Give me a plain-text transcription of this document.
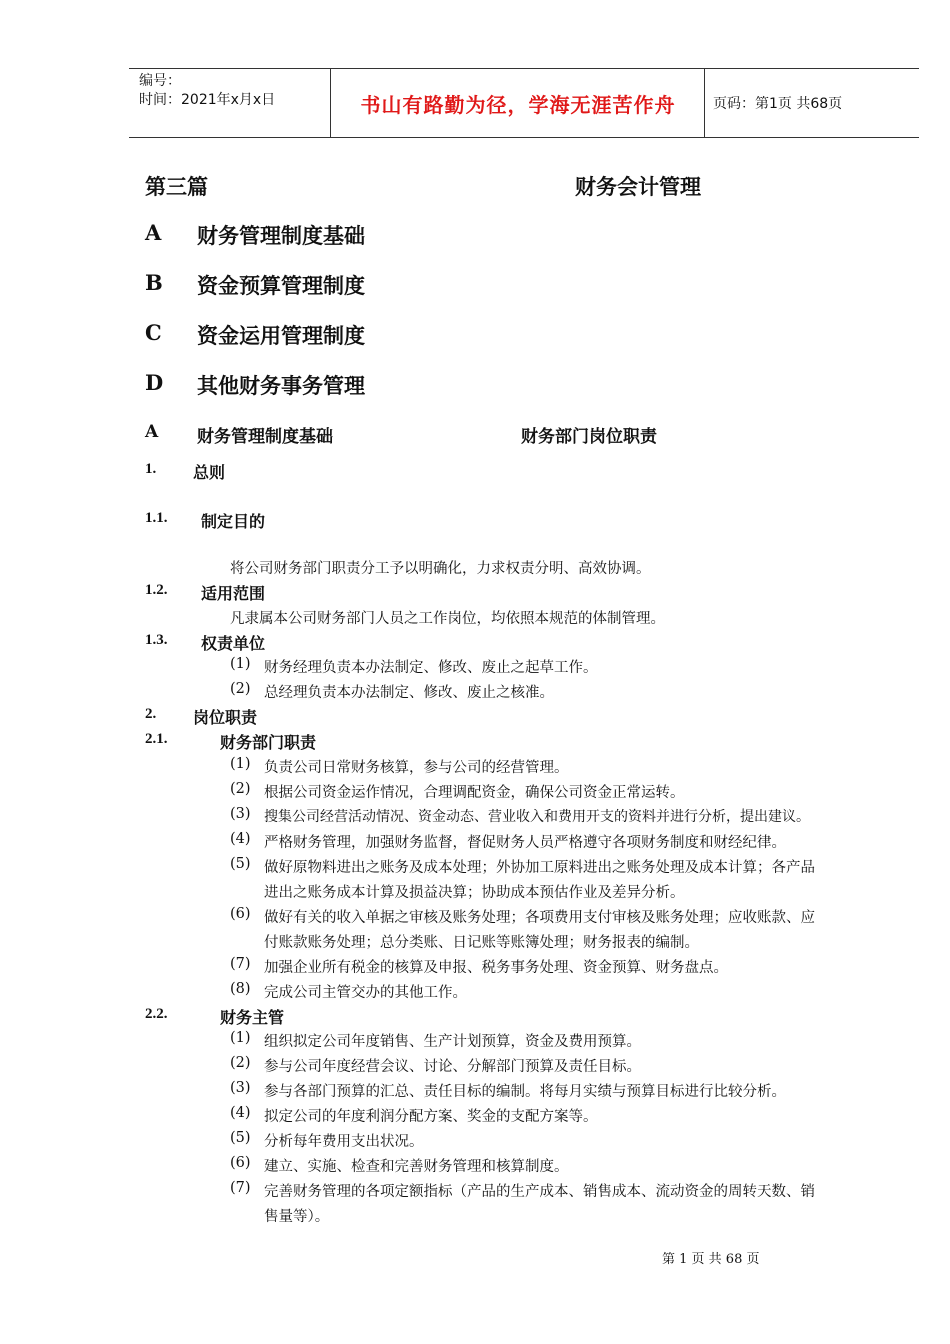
编号：
时间：2021年x月x日	书山有路勤为径，学海无涯苦作舟	页码：第1页 共68页
第三篇	财务会计管理
A 财务管理制度基础
B 资金预算管理制度
C 资金运用管理制度
D 其他财务事务管理
A 财务管理制度基础	财务部门岗位职责
1. 总则
1.1. 制定目的
将公司财务部门职责分工予以明确化，力求权责分明、高效协调。
1.2. 适用范围
凡隶属本公司财务部门人员之工作岗位，均依照本规范的体制管理。
1.3. 权责单位
(1) 财务经理负责本办法制定、修改、废止之起草工作。
(2) 总经理负责本办法制定、修改、废止之核准。
2. 岗位职责
2.1.	财务部门职责
(1) 负责公司日常财务核算，参与公司的经营管理。
(2) 根据公司资金运作情况，合理调配资金，确保公司资金正常运转。
(3) 搜集公司经营活动情况、资金动态、营业收入和费用开支的资料并进行分析，提出建议。
(4) 严格财务管理，加强财务监督，督促财务人员严格遵守各项财务制度和财经纪律。
(5) 做好原物料进出之账务及成本处理；外协加工原料进出之账务处理及成本计算；各产品
进出之账务成本计算及损益决算；协助成本预估作业及差异分析。
(6) 做好有关的收入单据之审核及账务处理；各项费用支付审核及账务处理；应收账款、应
付账款账务处理；总分类账、日记账等账簿处理；财务报表的编制。
(7) 加强企业所有税金的核算及申报、税务事务处理、资金预算、财务盘点。
(8) 完成公司主管交办的其他工作。
2.2.	财务主管
(1) 组织拟定公司年度销售、生产计划预算，资金及费用预算。
(2) 参与公司年度经营会议、讨论、分解部门预算及责任目标。
(3) 参与各部门预算的汇总、责任目标的编制。将每月实绩与预算目标进行比较分析。
(4) 拟定公司的年度利润分配方案、奖金的支配方案等。
(5) 分析每年费用支出状况。
(6) 建立、实施、检查和完善财务管理和核算制度。
(7) 完善财务管理的各项定额指标（产品的生产成本、销售成本、流动资金的周转天数、销
售量等）。
第 1 页 共 68 页
